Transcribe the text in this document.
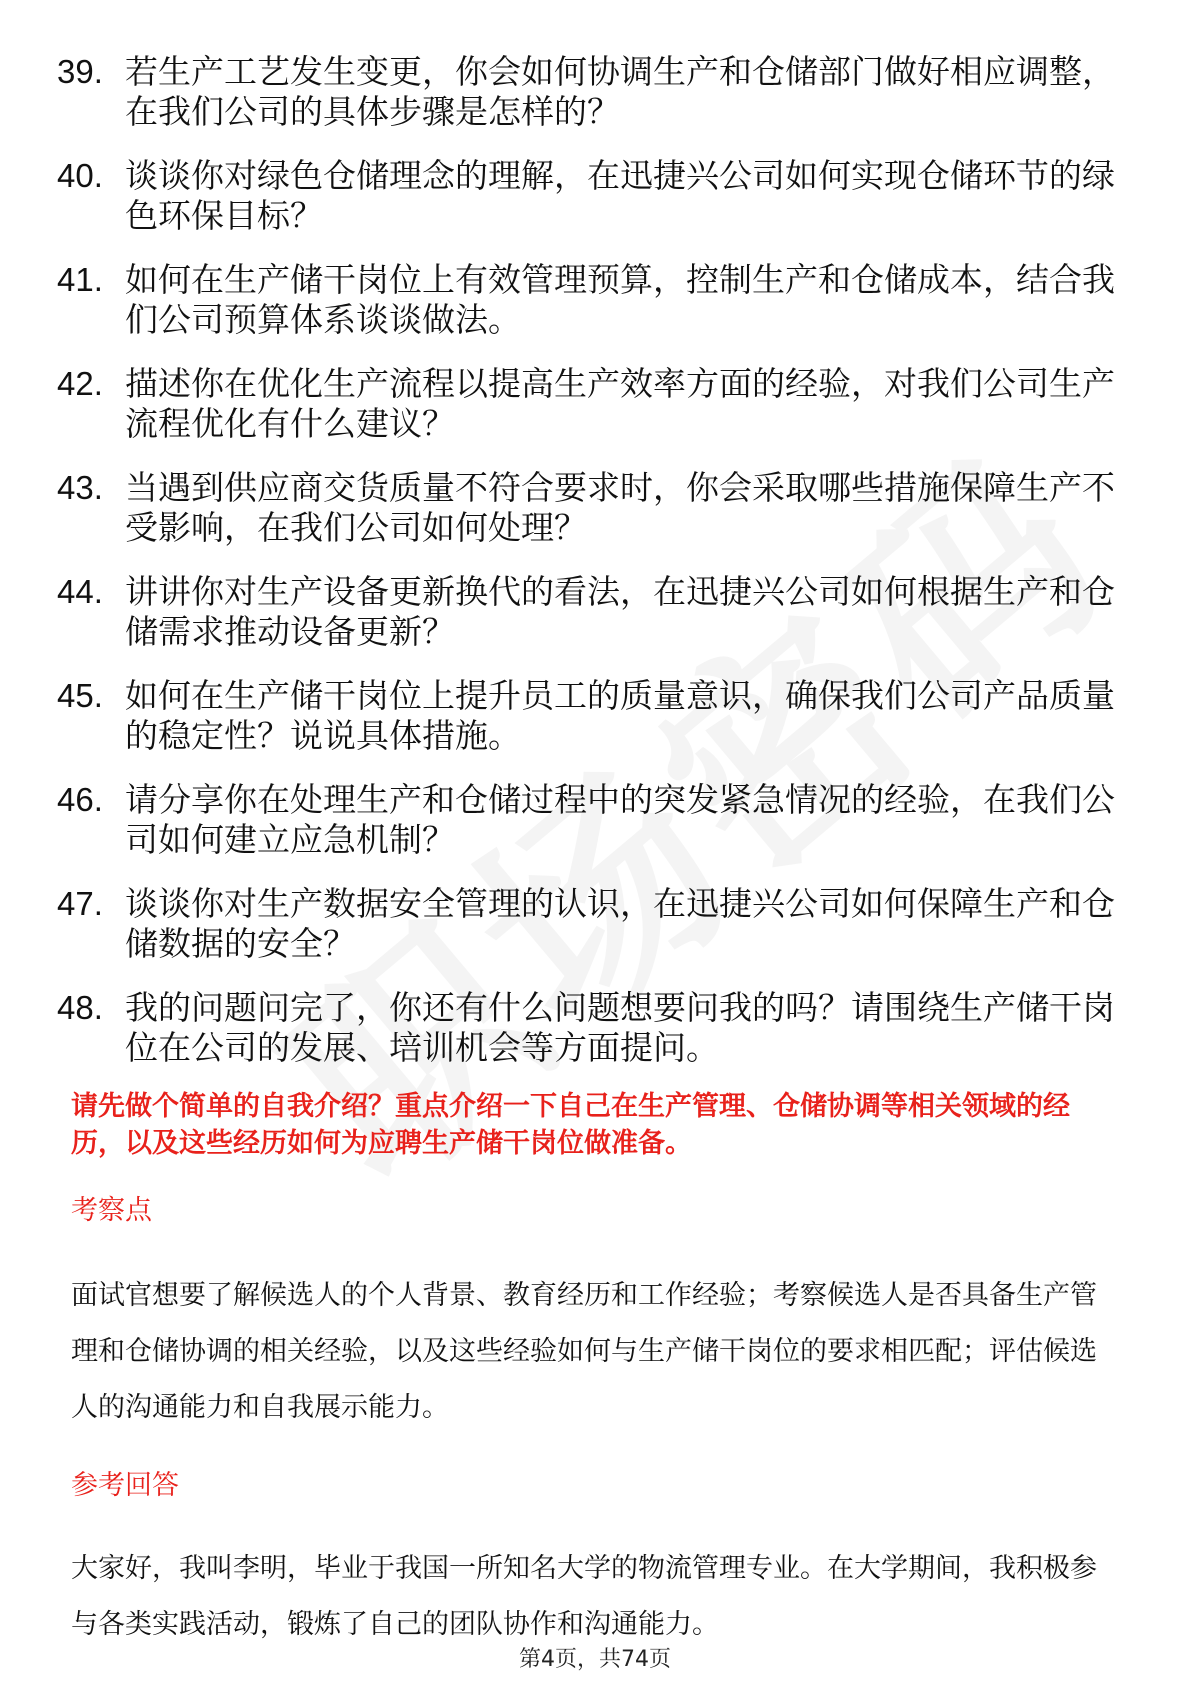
39. 若生产工艺发生变更，你会如何协调生产和仓储部门做好相应调整，在我们公司的具体步骤是怎样的？
40. 谈谈你对绿色仓储理念的理解，在迅捷兴公司如何实现仓储环节的绿色环保目标？
41. 如何在生产储干岗位上有效管理预算，控制生产和仓储成本，结合我们公司预算体系谈谈做法。
42. 描述你在优化生产流程以提高生产效率方面的经验，对我们公司生产流程优化有什么建议？
43. 当遇到供应商交货质量不符合要求时，你会采取哪些措施保障生产不受影响，在我们公司如何处理？
44. 讲讲你对生产设备更新换代的看法，在迅捷兴公司如何根据生产和仓储需求推动设备更新？
45. 如何在生产储干岗位上提升员工的质量意识，确保我们公司产品质量的稳定性？说说具体措施。
46. 请分享你在处理生产和仓储过程中的突发紧急情况的经验，在我们公司如何建立应急机制？
47. 谈谈你对生产数据安全管理的认识，在迅捷兴公司如何保障生产和仓储数据的安全？
48. 我的问题问完了，你还有什么问题想要问我的吗？请围绕生产储干岗位在公司的发展、培训机会等方面提问。
请先做个简单的自我介绍？重点介绍一下自己在生产管理、仓储协调等相关领域的经历，以及这些经历如何为应聘生产储干岗位做准备。
考察点
面试官想要了解候选人的个人背景、教育经历和工作经验；考察候选人是否具备生产管理和仓储协调的相关经验，以及这些经验如何与生产储干岗位的要求相匹配；评估候选人的沟通能力和自我展示能力。
参考回答
大家好，我叫李明，毕业于我国一所知名大学的物流管理专业。在大学期间，我积极参与各类实践活动，锻炼了自己的团队协作和沟通能力。
第4页，共74页
